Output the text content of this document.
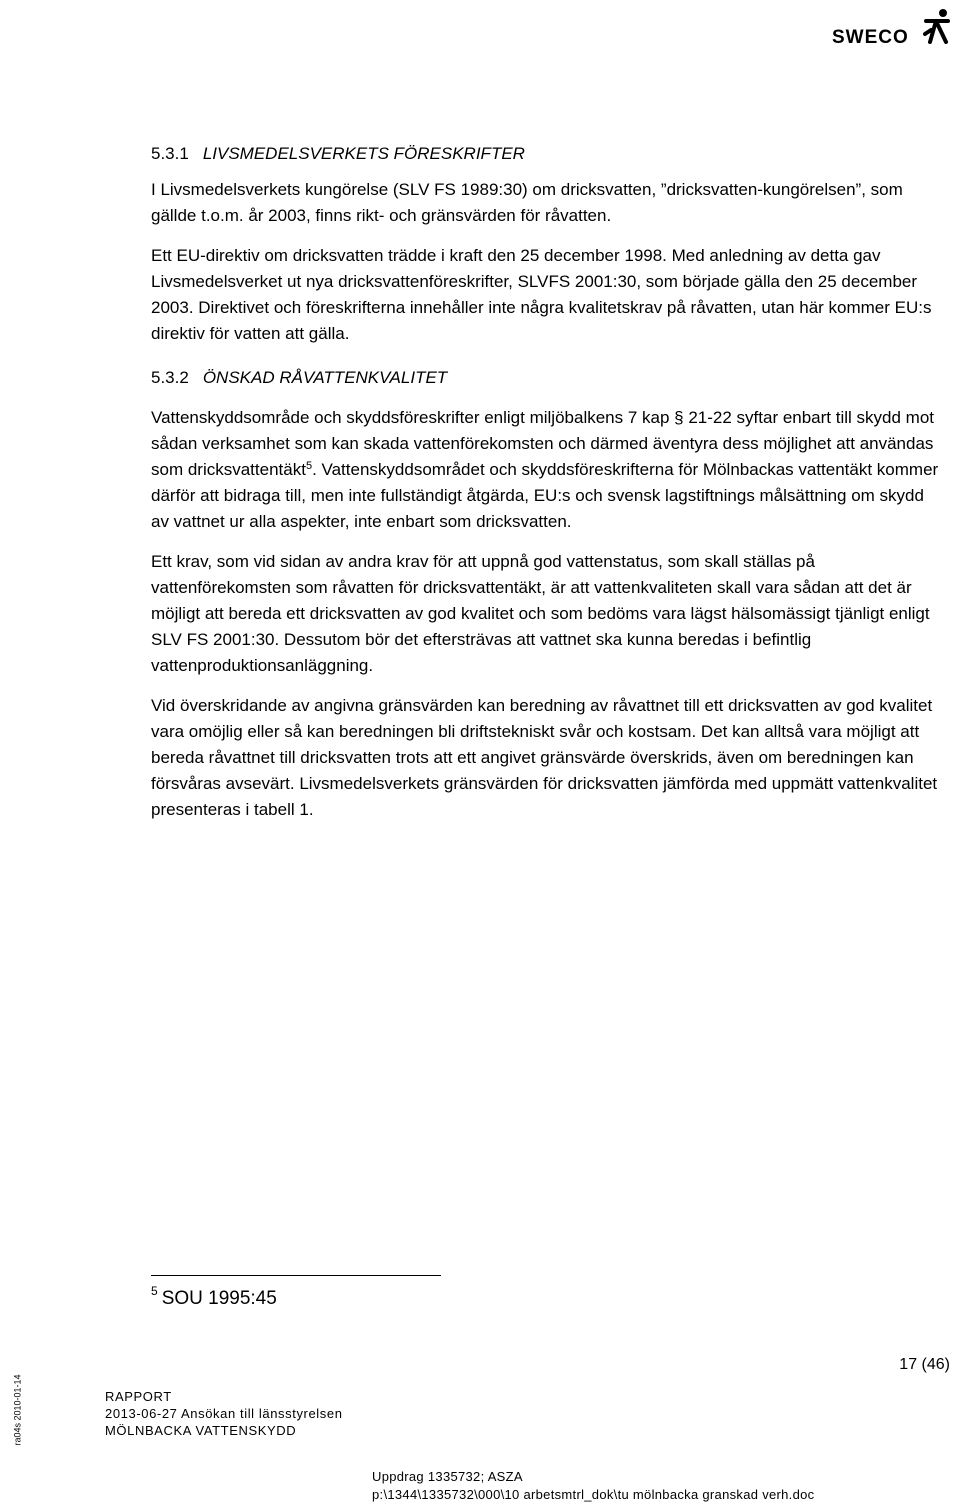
SWECO

5.3.1 LIVSMEDELSVERKETS FÖRESKRIFTER

I Livsmedelsverkets kungörelse (SLV FS 1989:30) om dricksvatten, ”dricksvatten-kungörelsen”, som gällde t.o.m. år 2003, finns rikt- och gränsvärden för råvatten.

Ett EU-direktiv om dricksvatten trädde i kraft den 25 december 1998. Med anledning av detta gav Livsmedelsverket ut nya dricksvattenföreskrifter, SLVFS 2001:30, som började gälla den 25 december 2003. Direktivet och föreskrifterna innehåller inte några kvalitetskrav på råvatten, utan här kommer EU:s direktiv för vatten att gälla.

5.3.2 ÖNSKAD RÅVATTENKVALITET

Vattenskyddsområde och skyddsföreskrifter enligt miljöbalkens 7 kap § 21-22 syftar enbart till skydd mot sådan verksamhet som kan skada vattenförekomsten och därmed äventyra dess möjlighet att användas som dricksvattentäkt$^5$. Vattenskyddsområdet och skyddsföreskrifterna för Mölnbackas vattentäkt kommer därför att bidraga till, men inte fullständigt åtgärda, EU:s och svensk lagstiftnings målsättning om skydd av vattnet ur alla aspekter, inte enbart som dricksvatten.

Ett krav, som vid sidan av andra krav för att uppnå god vattenstatus, som skall ställas på vattenförekomsten som råvatten för dricksvattentäkt, är att vattenkvaliteten skall vara sådan att det är möjligt att bereda ett dricksvatten av god kvalitet och som bedöms vara lägst hälsomässigt tjänligt enligt SLV FS 2001:30. Dessutom bör det eftersträvas att vattnet ska kunna beredas i befintlig vattenproduktionsanläggning.

Vid överskridande av angivna gränsvärden kan beredning av råvattnet till ett dricksvatten av god kvalitet vara omöjlig eller så kan beredningen bli driftstekniskt svår och kostsam. Det kan alltså vara möjligt att bereda råvattnet till dricksvatten trots att ett angivet gränsvärde överskrids, även om beredningen kan försvåras avsevärt. Livsmedelsverkets gränsvärden för dricksvatten jämförda med uppmätt vattenkvalitet presenteras i tabell 1.

$^5$ SOU 1995:45
17 (46)
RAPPORT
2013-06-27 Ansökan till länsstyrelsen
MÖLNBACKA VATTENSKYDD
Uppdrag 1335732; ASZA
p:\1344\1335732\000\10 arbetsmtrl_dok\tu mölnbacka granskad verh.doc
ra04s 2010-01-14
